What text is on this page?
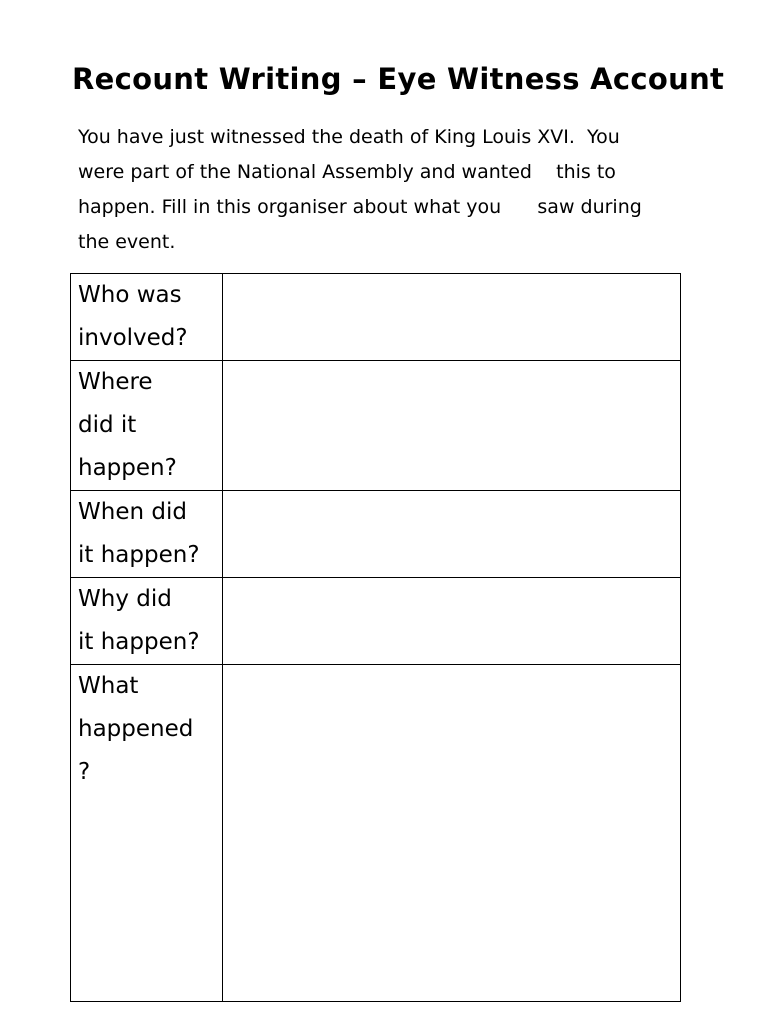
Recount Writing – Eye Witness Account
You have just witnessed the death of King Louis XVI.  You
were part of the National Assembly and wanted    this to
happen. Fill in this organiser about what you      saw during
the event.
Who was
involved?	

Where
did it
happen?	

When did
it happen?	

Why did
it happen?	

What
happened
?	
